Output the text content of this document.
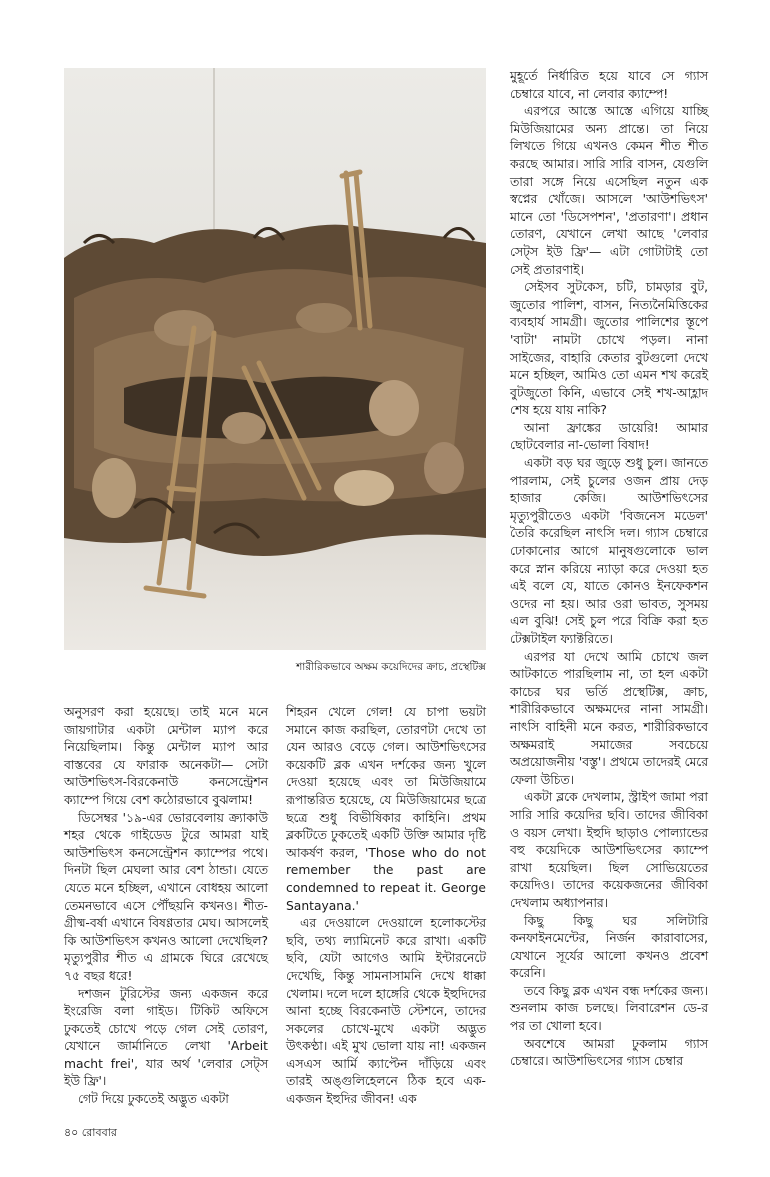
শারীরিকভাবে অক্ষম কয়েদিদের ক্রাচ, প্রস্থেটিক্স

অনুসরণ করা হয়েছে। তাই মনে মনে জায়গাটার একটা মেন্টাল ম্যাপ করে নিয়েছিলাম। কিন্তু মেন্টাল ম্যাপ আর বাস্তবের যে ফারাক অনেকটা— সেটা আউশভিৎস-বিরকেনাউ কনসেন্ট্রেশন ক্যাম্পে গিয়ে বেশ কঠোরভাবে বুঝলাম!

ডিসেম্বর '১৯-এর ভোরবেলায় ক্র্যাকাউ শহর থেকে গাইডেড টুরে আমরা যাই আউশভিৎস কনসেন্ট্রেশন ক্যাম্পের পথে। দিনটা ছিল মেঘলা আর বেশ ঠান্ডা। যেতে যেতে মনে হচ্ছিল, এখানে বোধহয় আলো তেমনভাবে এসে পৌঁছয়নি কখনও। শীত-গ্রীষ্ম-বর্ষা এখানে বিষণ্ণতার মেঘ। আসলেই কি আউশভিৎস কখনও আলো দেখেছিল? মৃত্যুপুরীর শীত এ গ্রামকে ঘিরে রেখেছে ৭৫ বছর ধরে!

দশজন টুরিস্টের জন্য একজন করে ইংরেজি বলা গাইড। টিকিট অফিসে ঢুকতেই চোখে পড়ে গেল সেই তোরণ, যেখানে জার্মানিতে লেখা 'Arbeit macht frei', যার অর্থ 'লেবার সেট্‌স ইউ ফ্রি'।

গেট দিয়ে ঢুকতেই অদ্ভুত একটা

শিহরন খেলে গেল! যে চাপা ভয়টা সমানে কাজ করছিল, তোরণটা দেখে তা যেন আরও বেড়ে গেল। আউশভিৎসের কয়েকটি ব্লক এখন দর্শকের জন্য খুলে দেওয়া হয়েছে এবং তা মিউজিয়ামে রূপান্তরিত হয়েছে, যে মিউজিয়ামের ছত্রে ছত্রে শুধু বিভীষিকার কাহিনি। প্রথম ব্লকটিতে ঢুকতেই একটি উক্তি আমার দৃষ্টি আকর্ষণ করল, 'Those who do not remember the past are condemned to repeat it. George Santayana.'

এর দেওয়ালে দেওয়ালে হলোকস্টের ছবি, তথ্য ল্যামিনেট করে রাখা। একটি ছবি, যেটা আগেও আমি ইন্টারনেটে দেখেছি, কিন্তু সামনাসামনি দেখে ধাক্কা খেলাম। দলে দলে হাঙ্গেরি থেকে ইহুদিদের আনা হচ্ছে বিরকেনাউ স্টেশনে, তাদের সকলের চোখে-মুখে একটা অদ্ভুত উৎকণ্ঠা। এই মুখ ভোলা যায় না! একজন এসএস আর্মি ক্যাপ্টেন দাঁড়িয়ে এবং তারই অঙ্গুলিহেলনে ঠিক হবে এক-একজন ইহুদির জীবন! এক

মুহূর্তে নির্ধারিত হয়ে যাবে সে গ্যাস চেম্বারে যাবে, না লেবার ক্যাম্পে!

এরপরে আস্তে আস্তে এগিয়ে যাচ্ছি মিউজিয়ামের অন্য প্রান্তে। তা নিয়ে লিখতে গিয়ে এখনও কেমন শীত শীত করছে আমার। সারি সারি বাসন, যেগুলি তারা সঙ্গে নিয়ে এসেছিল নতুন এক স্বপ্নের খোঁজে। আসলে 'আউশভিৎস' মানে তো 'ডিসেপশন', 'প্রতারণা'। প্রধান তোরণ, যেখানে লেখা আছে 'লেবার সেট্‌স ইউ ফ্রি'— এটা গোটাটাই তো সেই প্রতারণাই।

সেইসব সুটকেস, চটি, চামড়ার বুট, জুতোর পালিশ, বাসন, নিত্যনৈমিত্তিকের ব্যবহার্য সামগ্রী। জুতোর পালিশের স্তূপে 'বাটা' নামটা চোখে পড়ল। নানা সাইজের, বাহারি কেতার বুটগুলো দেখে মনে হচ্ছিল, আমিও তো এমন শখ করেই বুটজুতো কিনি, এভাবে সেই শখ-আহ্লাদ শেষ হয়ে যায় নাকি?

আনা ফ্রাঙ্কের ডায়েরি! আমার ছোটবেলার না-ভোলা বিষাদ!

একটা বড় ঘর জুড়ে শুধু চুল। জানতে পারলাম, সেই চুলের ওজন প্রায় দেড় হাজার কেজি। আউশভিৎসের মৃত্যুপুরীতেও একটা 'বিজনেস মডেল' তৈরি করেছিল নাৎসি দল। গ্যাস চেম্বারে ঢোকানোর আগে মানুষগুলোকে ভাল করে স্নান করিয়ে ন্যাড়া করে দেওয়া হত এই বলে যে, যাতে কোনও ইনফেকশন ওদের না হয়। আর ওরা ভাবত, সুসময় এল বুঝি! সেই চুল পরে বিক্রি করা হত টেক্সটাইল ফ্যাক্টরিতে।

এরপর যা দেখে আমি চোখে জল আটকাতে পারছিলাম না, তা হল একটা কাচের ঘর ভর্তি প্রস্থেটিক্স, ক্রাচ, শারীরিকভাবে অক্ষমদের নানা সামগ্রী। নাৎসি বাহিনী মনে করত, শারীরিকভাবে অক্ষমরাই সমাজের সবচেয়ে অপ্রয়োজনীয় 'বস্তু'। প্রথমে তাদেরই মেরে ফেলা উচিত।

একটা ব্লকে দেখলাম, স্ট্রাইপ জামা পরা সারি সারি কয়েদির ছবি। তাদের জীবিকা ও বয়স লেখা। ইহুদি ছাড়াও পোল্যান্ডের বহু কয়েদিকে আউশভিৎসের ক্যাম্পে রাখা হয়েছিল। ছিল সোভিয়েতের কয়েদিও। তাদের কয়েকজনের জীবিকা দেখলাম অধ্যাপনার।

কিছু কিছু ঘর সলিটারি কনফাইনমেন্টের, নির্জন কারাবাসের, যেখানে সূর্যের আলো কখনও প্রবেশ করেনি।

তবে কিছু ব্লক এখন বন্ধ দর্শকের জন্য। শুনলাম কাজ চলছে। লিবারেশন ডে-র পর তা খোলা হবে।

অবশেষে আমরা ঢুকলাম গ্যাস চেম্বারে। আউশভিৎসের গ্যাস চেম্বার

৪০ রোববার
